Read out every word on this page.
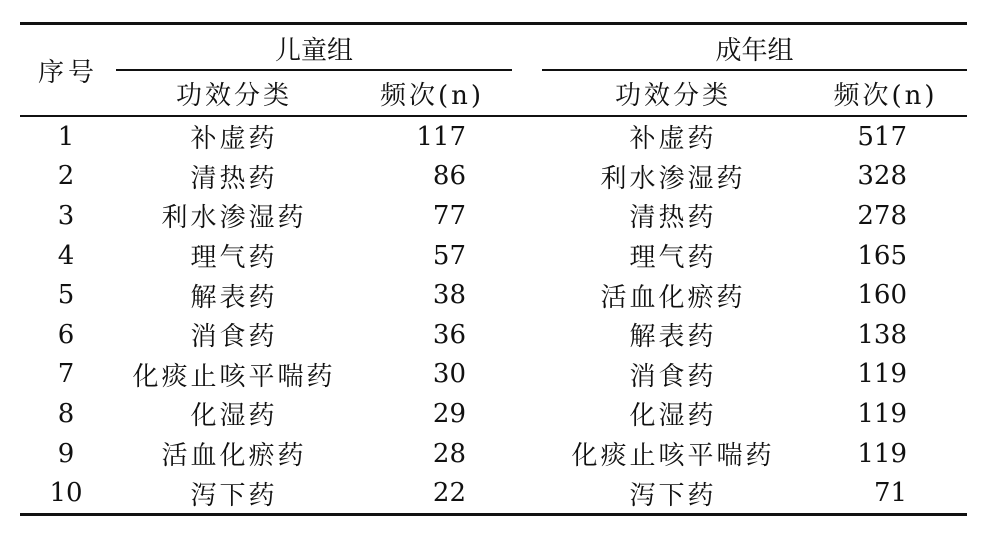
序号	儿童组			成年组	

	功效分类	频次(n)		功效分类	频次(n)
1	补虚药	117		补虚药	517
2	清热药	86		利水渗湿药	328
3	利水渗湿药	77		清热药	278
4	理气药	57		理气药	165
5	解表药	38		活血化瘀药	160
6	消食药	36		解表药	138
7	化痰止咳平喘药	30		消食药	119
8	化湿药	29		化湿药	119
9	活血化瘀药	28		化痰止咳平喘药	119
10	泻下药	22		泻下药	71
